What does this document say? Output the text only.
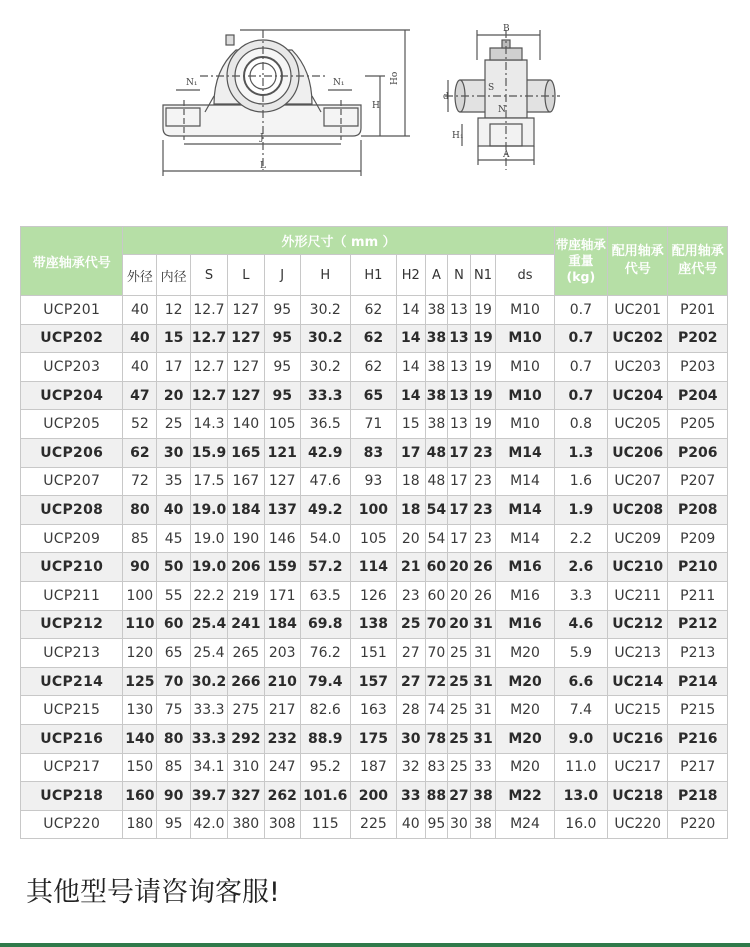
N₁	N₁
H
Ho
J
L
B
d
S
N
H₁
A
带座轴承代号	外形尺寸（ mm ）												带座轴承重量(kg)	配用轴承代号	配用轴承座代号
	外径	内径	S	L	J	H	H1	H2	A	N	N1	ds			
UCP201	40	12	12.7	127	95	30.2	62	14	38	13	19	M10	0.7	UC201	P201
UCP202	40	15	12.7	127	95	30.2	62	14	38	13	19	M10	0.7	UC202	P202
UCP203	40	17	12.7	127	95	30.2	62	14	38	13	19	M10	0.7	UC203	P203
UCP204	47	20	12.7	127	95	33.3	65	14	38	13	19	M10	0.7	UC204	P204
UCP205	52	25	14.3	140	105	36.5	71	15	38	13	19	M10	0.8	UC205	P205
UCP206	62	30	15.9	165	121	42.9	83	17	48	17	23	M14	1.3	UC206	P206
UCP207	72	35	17.5	167	127	47.6	93	18	48	17	23	M14	1.6	UC207	P207
UCP208	80	40	19.0	184	137	49.2	100	18	54	17	23	M14	1.9	UC208	P208
UCP209	85	45	19.0	190	146	54.0	105	20	54	17	23	M14	2.2	UC209	P209
UCP210	90	50	19.0	206	159	57.2	114	21	60	20	26	M16	2.6	UC210	P210
UCP211	100	55	22.2	219	171	63.5	126	23	60	20	26	M16	3.3	UC211	P211
UCP212	110	60	25.4	241	184	69.8	138	25	70	20	31	M16	4.6	UC212	P212
UCP213	120	65	25.4	265	203	76.2	151	27	70	25	31	M20	5.9	UC213	P213
UCP214	125	70	30.2	266	210	79.4	157	27	72	25	31	M20	6.6	UC214	P214
UCP215	130	75	33.3	275	217	82.6	163	28	74	25	31	M20	7.4	UC215	P215
UCP216	140	80	33.3	292	232	88.9	175	30	78	25	31	M20	9.0	UC216	P216
UCP217	150	85	34.1	310	247	95.2	187	32	83	25	33	M20	11.0	UC217	P217
UCP218	160	90	39.7	327	262	101.6	200	33	88	27	38	M22	13.0	UC218	P218
UCP220	180	95	42.0	380	308	115	225	40	95	30	38	M24	16.0	UC220	P220
其他型号请咨询客服!
